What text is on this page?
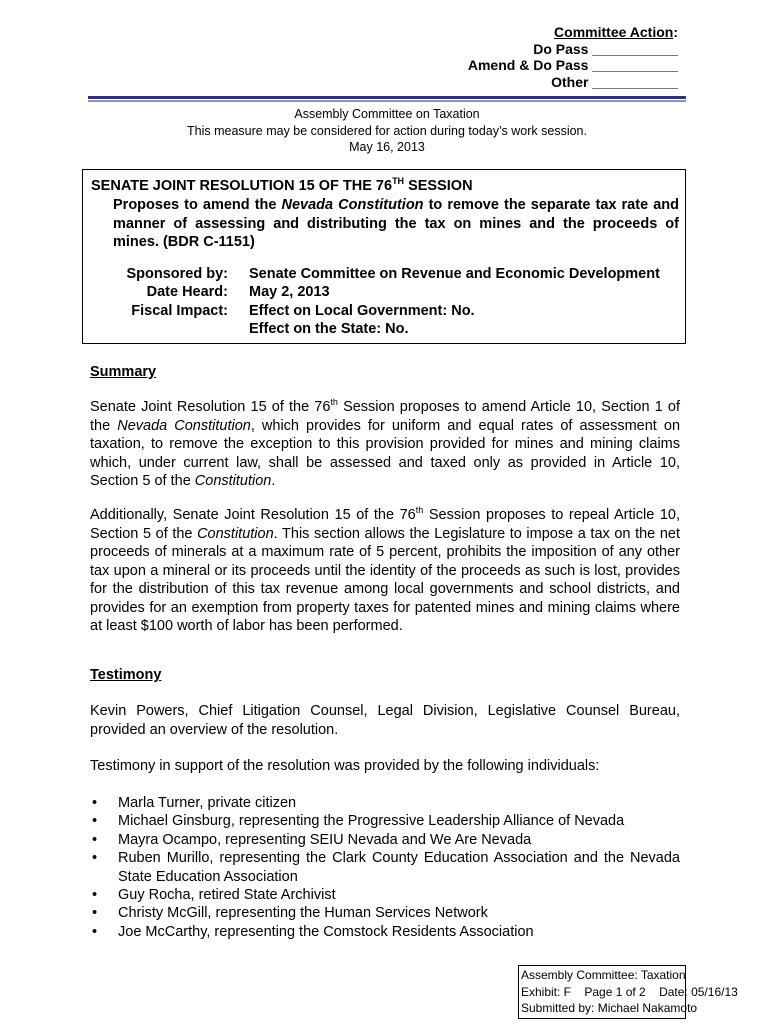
Committee Action:
Do Pass ___________
Amend & Do Pass ___________
Other ___________
Assembly Committee on Taxation
This measure may be considered for action during today’s work session.
May 16, 2013
SENATE JOINT RESOLUTION 15 OF THE 76TH SESSION
Proposes to amend the Nevada Constitution to remove the separate tax rate and manner of assessing and distributing the tax on mines and the proceeds of mines. (BDR C-1151)
Sponsored by: Senate Committee on Revenue and Economic Development
Date Heard: May 2, 2013
Fiscal Impact: Effect on Local Government: No.
Effect on the State: No.
Summary
Senate Joint Resolution 15 of the 76th Session proposes to amend Article 10, Section 1 of the Nevada Constitution, which provides for uniform and equal rates of assessment on taxation, to remove the exception to this provision provided for mines and mining claims which, under current law, shall be assessed and taxed only as provided in Article 10, Section 5 of the Constitution.
Additionally, Senate Joint Resolution 15 of the 76th Session proposes to repeal Article 10, Section 5 of the Constitution. This section allows the Legislature to impose a tax on the net proceeds of minerals at a maximum rate of 5 percent, prohibits the imposition of any other tax upon a mineral or its proceeds until the identity of the proceeds as such is lost, provides for the distribution of this tax revenue among local governments and school districts, and provides for an exemption from property taxes for patented mines and mining claims where at least $100 worth of labor has been performed.
Testimony
Kevin Powers, Chief Litigation Counsel, Legal Division, Legislative Counsel Bureau, provided an overview of the resolution.
Testimony in support of the resolution was provided by the following individuals:
• Marla Turner, private citizen
• Michael Ginsburg, representing the Progressive Leadership Alliance of Nevada
• Mayra Ocampo, representing SEIU Nevada and We Are Nevada
• Ruben Murillo, representing the Clark County Education Association and the Nevada State Education Association
• Guy Rocha, retired State Archivist
• Christy McGill, representing the Human Services Network
• Joe McCarthy, representing the Comstock Residents Association
Assembly Committee: Taxation
Exhibit: F    Page 1 of 2    Date: 05/16/13
Submitted by: Michael Nakamoto
